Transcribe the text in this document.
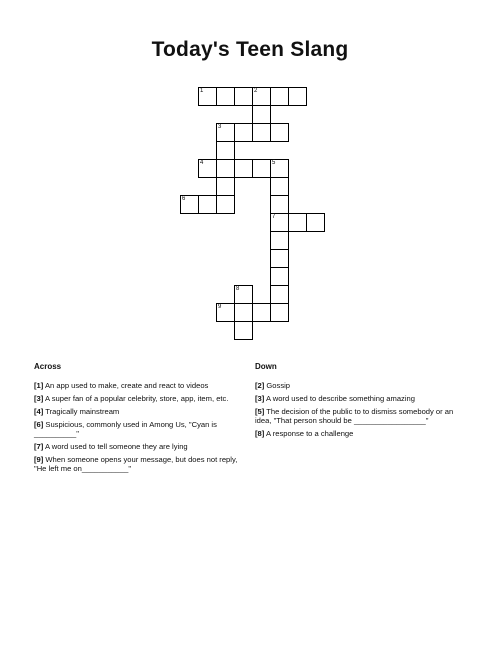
Today's Teen Slang
1	2
3
4	5
6
7
8
9
Across
[1] An app used to make, create and react to videos
[3] A super fan of a popular celebrity, store, app, item, etc.
[4] Tragically mainstream
[6] Suspicious, commonly used in Among Us, "Cyan is __________"
[7] A word used to tell someone they are lying
[9] When someone opens your message, but does not reply, "He left me on___________"
Down
[2] Gossip
[3] A word used to describe something amazing
[5] The decision of the public to to dismiss somebody or an idea, "That person should be _________________"
[8] A response to a challenge
